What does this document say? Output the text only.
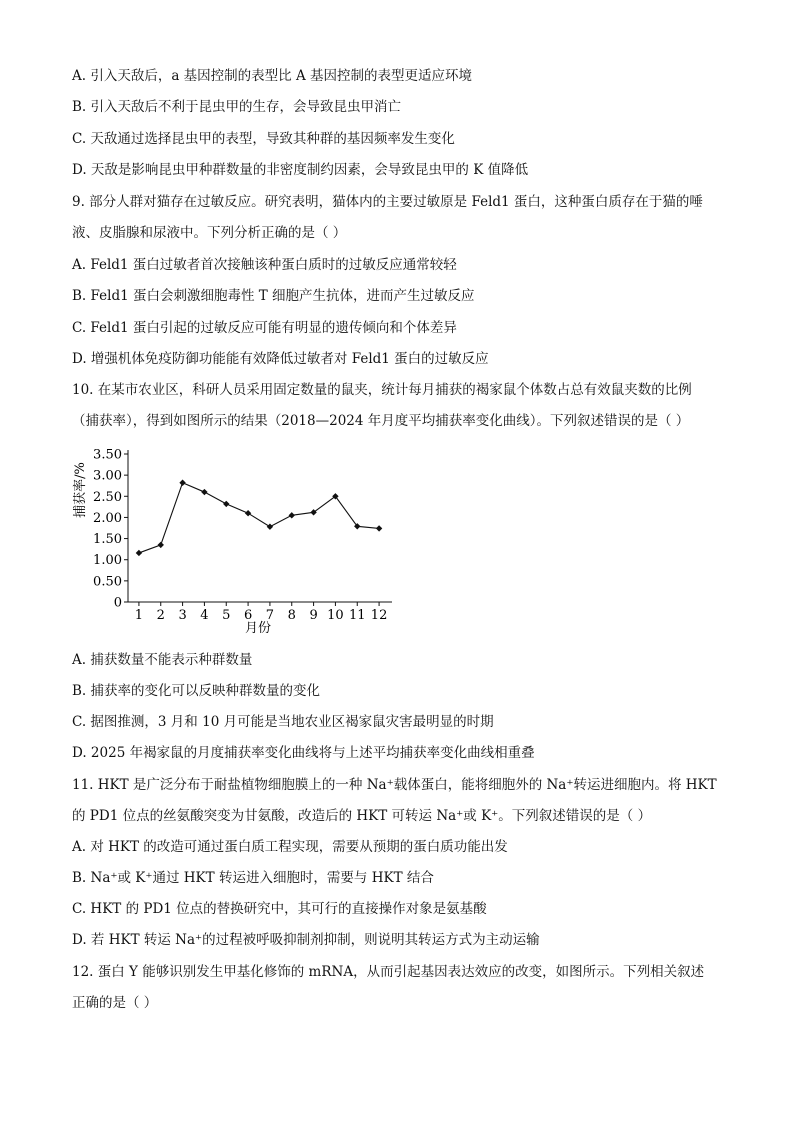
A. 引入天敌后，a 基因控制的表型比 A 基因控制的表型更适应环境
B. 引入天敌后不利于昆虫甲的生存，会导致昆虫甲消亡
C. 天敌通过选择昆虫甲的表型，导致其种群的基因频率发生变化
D. 天敌是影响昆虫甲种群数量的非密度制约因素，会导致昆虫甲的 K 值降低
9. 部分人群对猫存在过敏反应。研究表明，猫体内的主要过敏原是 Feld1 蛋白，这种蛋白质存在于猫的唾
液、皮脂腺和尿液中。下列分析正确的是（ ）
A. Feld1 蛋白过敏者首次接触该种蛋白质时的过敏反应通常较轻
B. Feld1 蛋白会刺激细胞毒性 T 细胞产生抗体，进而产生过敏反应
C. Feld1 蛋白引起的过敏反应可能有明显的遗传倾向和个体差异
D. 增强机体免疫防御功能能有效降低过敏者对 Feld1 蛋白的过敏反应
10. 在某市农业区，科研人员采用固定数量的鼠夹，统计每月捕获的褐家鼠个体数占总有效鼠夹数的比例
（捕获率），得到如图所示的结果（2018—2024 年月度平均捕获率变化曲线）。下列叙述错误的是（ ）
0
0.50
1.00
1.50
2.00
2.50
3.00
3.50
1 2 3 4 5 6 7 8 9 10 11 12
捕获率/%
月份
A. 捕获数量不能表示种群数量
B. 捕获率的变化可以反映种群数量的变化
C. 据图推测，3 月和 10 月可能是当地农业区褐家鼠灾害最明显的时期
D. 2025 年褐家鼠的月度捕获率变化曲线将与上述平均捕获率变化曲线相重叠
11. HKT 是广泛分布于耐盐植物细胞膜上的一种 Na⁺载体蛋白，能将细胞外的 Na⁺转运进细胞内。将 HKT
的 PD1 位点的丝氨酸突变为甘氨酸，改造后的 HKT 可转运 Na⁺或 K⁺。下列叙述错误的是（ ）
A. 对 HKT 的改造可通过蛋白质工程实现，需要从预期的蛋白质功能出发
B. Na⁺或 K⁺通过 HKT 转运进入细胞时，需要与 HKT 结合
C. HKT 的 PD1 位点的替换研究中，其可行的直接操作对象是氨基酸
D. 若 HKT 转运 Na⁺的过程被呼吸抑制剂抑制，则说明其转运方式为主动运输
12. 蛋白 Y 能够识别发生甲基化修饰的 mRNA，从而引起基因表达效应的改变，如图所示。下列相关叙述
正确的是（ ）
